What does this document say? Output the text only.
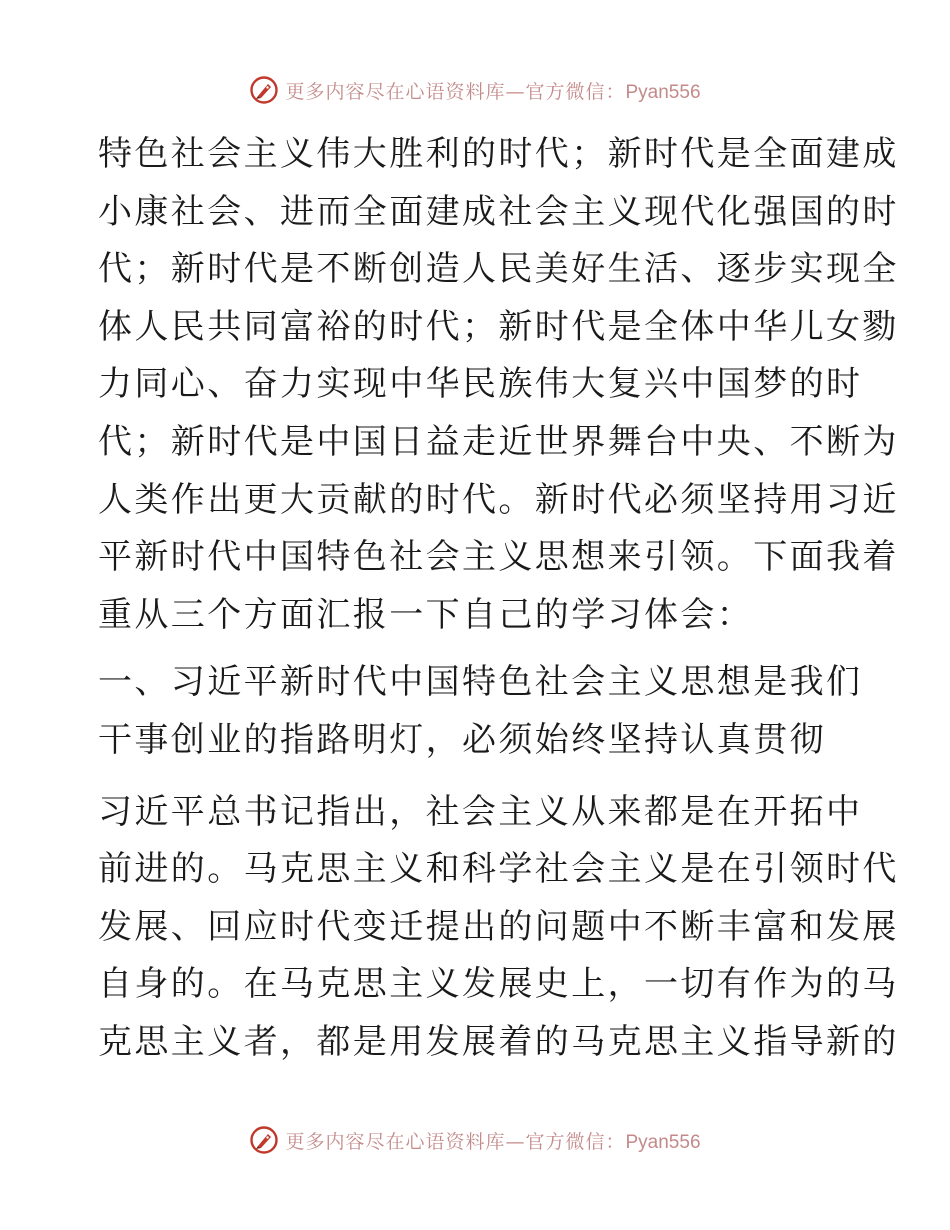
更多内容尽在心语资料库—官方微信：Pyan556
特色社会主义伟大胜利的时代；新时代是全面建成
小康社会、进而全面建成社会主义现代化强国的时
代；新时代是不断创造人民美好生活、逐步实现全
体人民共同富裕的时代；新时代是全体中华儿女勠
力同心、奋力实现中华民族伟大复兴中国梦的时
代；新时代是中国日益走近世界舞台中央、不断为
人类作出更大贡献的时代。新时代必须坚持用习近
平新时代中国特色社会主义思想来引领。下面我着
重从三个方面汇报一下自己的学习体会：
一、习近平新时代中国特色社会主义思想是我们
干事创业的指路明灯，必须始终坚持认真贯彻
习近平总书记指出，社会主义从来都是在开拓中
前进的。马克思主义和科学社会主义是在引领时代
发展、回应时代变迁提出的问题中不断丰富和发展
自身的。在马克思主义发展史上，一切有作为的马
克思主义者，都是用发展着的马克思主义指导新的
更多内容尽在心语资料库—官方微信：Pyan556
